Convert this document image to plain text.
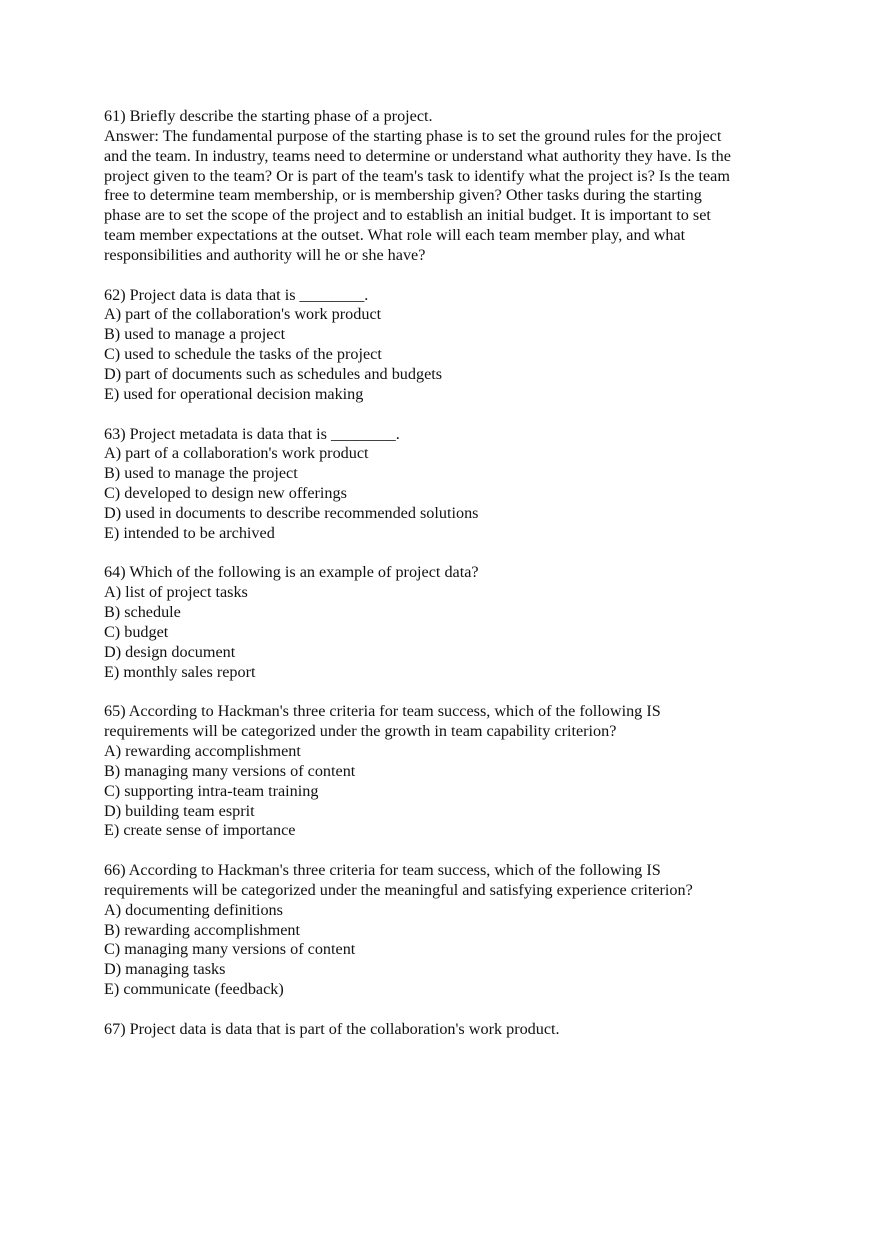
61) Briefly describe the starting phase of a project.
Answer: The fundamental purpose of the starting phase is to set the ground rules for the project
and the team. In industry, teams need to determine or understand what authority they have. Is the
project given to the team? Or is part of the team's task to identify what the project is? Is the team
free to determine team membership, or is membership given? Other tasks during the starting
phase are to set the scope of the project and to establish an initial budget. It is important to set
team member expectations at the outset. What role will each team member play, and what
responsibilities and authority will he or she have?
62) Project data is data that is ________.
A) part of the collaboration's work product
B) used to manage a project
C) used to schedule the tasks of the project
D) part of documents such as schedules and budgets
E) used for operational decision making
63) Project metadata is data that is ________.
A) part of a collaboration's work product
B) used to manage the project
C) developed to design new offerings
D) used in documents to describe recommended solutions
E) intended to be archived
64) Which of the following is an example of project data?
A) list of project tasks
B) schedule
C) budget
D) design document
E) monthly sales report
65) According to Hackman's three criteria for team success, which of the following IS
requirements will be categorized under the growth in team capability criterion?
A) rewarding accomplishment
B) managing many versions of content
C) supporting intra-team training
D) building team esprit
E) create sense of importance
66) According to Hackman's three criteria for team success, which of the following IS
requirements will be categorized under the meaningful and satisfying experience criterion?
A) documenting definitions
B) rewarding accomplishment
C) managing many versions of content
D) managing tasks
E) communicate (feedback)
67) Project data is data that is part of the collaboration's work product.
